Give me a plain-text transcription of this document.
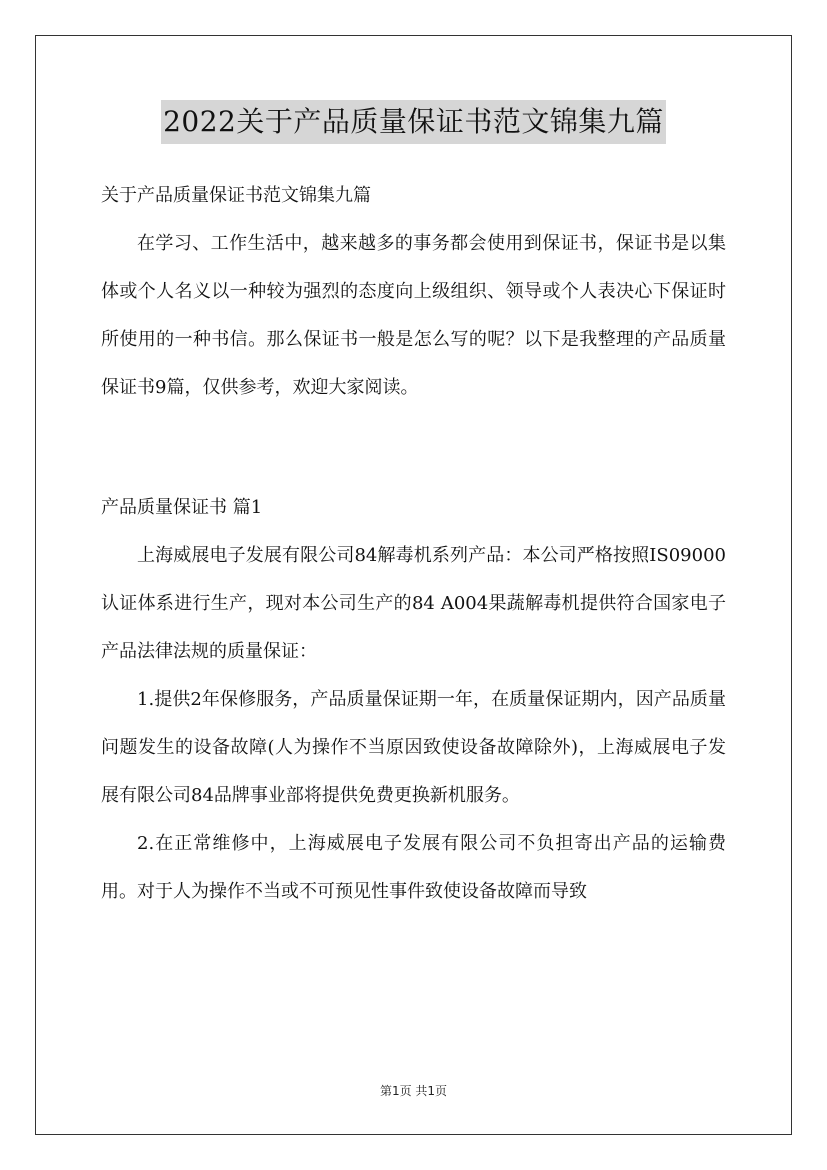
2022关于产品质量保证书范文锦集九篇

关于产品质量保证书范文锦集九篇

在学习、工作生活中，越来越多的事务都会使用到保证书，保证书是以集体或个人名义以一种较为强烈的态度向上级组织、领导或个人表决心下保证时所使用的一种书信。那么保证书一般是怎么写的呢？以下是我整理的产品质量保证书9篇，仅供参考，欢迎大家阅读。

产品质量保证书 篇1

上海威展电子发展有限公司84解毒机系列产品：本公司严格按照IS09000认证体系进行生产，现对本公司生产的84 A004果蔬解毒机提供符合国家电子产品法律法规的质量保证：

1.提供2年保修服务，产品质量保证期一年，在质量保证期内，因产品质量问题发生的设备故障(人为操作不当原因致使设备故障除外)，上海威展电子发展有限公司84品牌事业部将提供免费更换新机服务。

2.在正常维修中，上海威展电子发展有限公司不负担寄出产品的运输费用。对于人为操作不当或不可预见性事件致使设备故障而导致

第1页 共1页
